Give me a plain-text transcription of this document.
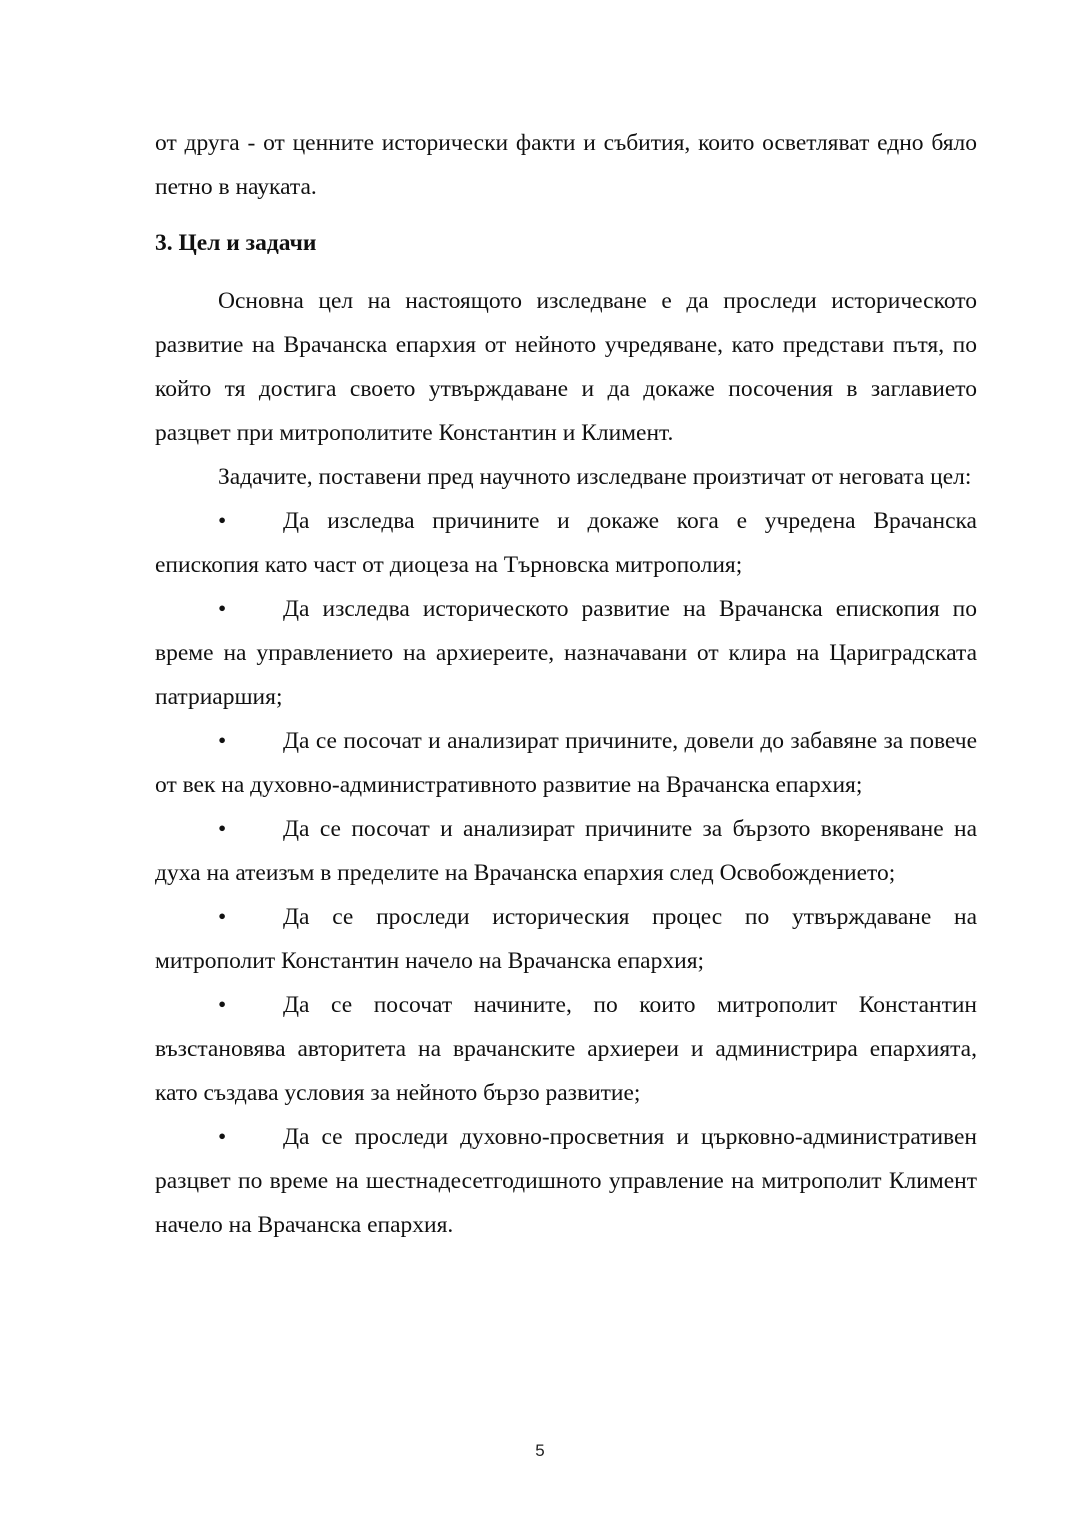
от друга - от ценните исторически факти и събития, които осветляват едно бяло петно в науката.

3. Цел и задачи

Основна цел на настоящото изследване е да проследи историческото развитие на Врачанска епархия от нейното учредяване, като представи пътя, по който тя достига своето утвърждаване и да докаже посочения в заглавието разцвет при митрополитите Константин и Климент.

Задачите, поставени пред научното изследване произтичат от неговата цел:

• Да изследва причините и докаже кога е учредена Врачанска епископия като част от диоцеза на Търновска митрополия;

• Да изследва историческото развитие на Врачанска епископия по време на управлението на архиереите, назначавани от клира на Цариградската патриаршия;

• Да се посочат и анализират причините, довели до забавяне за повече от век на духовно-административното развитие на Врачанска епархия;

• Да се посочат и анализират причините за бързото вкореняване на духа на атеизъм в пределите на Врачанска епархия след Освобождението;

• Да се проследи историческия процес по утвърждаване на митрополит Константин начело на Врачанска епархия;

• Да се посочат начините, по които митрополит Константин възстановява авторитета на врачанските архиереи и администрира епархията, като създава условия за нейното бързо развитие;

• Да се проследи духовно-просветния и църковно-административен разцвет по време на шестнадесетгодишното управление на митрополит Климент начело на Врачанска епархия.

5
